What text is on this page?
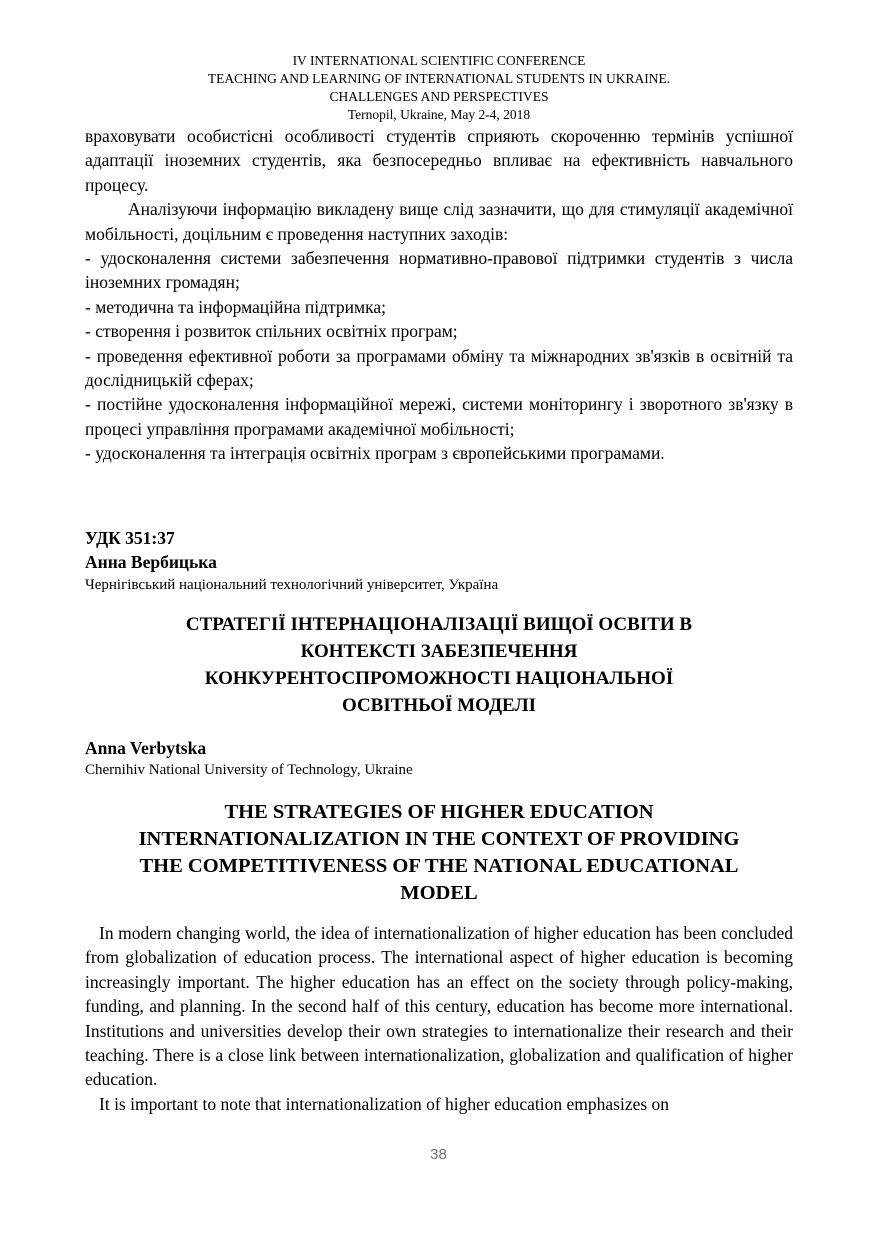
IV INTERNATIONAL SCIENTIFIC CONFERENCE
TEACHING AND LEARNING OF INTERNATIONAL STUDENTS IN UKRAINE.
CHALLENGES AND PERSPECTIVES
Ternopil, Ukraine, May 2-4, 2018

враховувати особистісні особливості студентів сприяють скороченню термінів успішної адаптації іноземних студентів, яка безпосередньо впливає на ефективність навчального процесу.

Аналізуючи інформацію викладену вище слід зазначити, що для стимуляції академічної мобільності, доцільним є проведення наступних заходів:

- удосконалення системи забезпечення нормативно-правової підтримки студентів з числа іноземних громадян;

- методична та інформаційна підтримка;

- створення і розвиток спільних освітніх програм;

- проведення ефективної роботи за програмами обміну та міжнародних зв'язків в освітній та дослідницькій сферах;

- постійне удосконалення інформаційної мережі, системи моніторингу і зворотного зв'язку в процесі управління програмами академічної мобільності;

- удосконалення та інтеграція освітніх програм з європейськими програмами.

УДК 351:37
Анна Вербицька
Чернігівський національний технологічний університет, Україна
СТРАТЕГІЇ ІНТЕРНАЦІОНАЛІЗАЦІЇ ВИЩОЇ ОСВІТИ В
КОНТЕКСТІ ЗАБЕЗПЕЧЕННЯ
КОНКУРЕНТОСПРОМОЖНОСТІ НАЦІОНАЛЬНОЇ
ОСВІТНЬОЇ МОДЕЛІ
Anna Verbytska
Chernihiv National University of Technology, Ukraine
THE STRATEGIES OF HIGHER EDUCATION
INTERNATIONALIZATION IN THE CONTEXT OF PROVIDING
THE COMPETITIVENESS OF THE NATIONAL EDUCATIONAL
MODEL

In modern changing world, the idea of internationalization of higher education has been concluded from globalization of education process. The international aspect of higher education is becoming increasingly important. The higher education has an effect on the society through policy-making, funding, and planning. In the second half of this century, education has become more international. Institutions and universities develop their own strategies to internationalize their research and their teaching. There is a close link between internationalization, globalization and qualification of higher education.

It is important to note that internationalization of higher education emphasizes on

38
